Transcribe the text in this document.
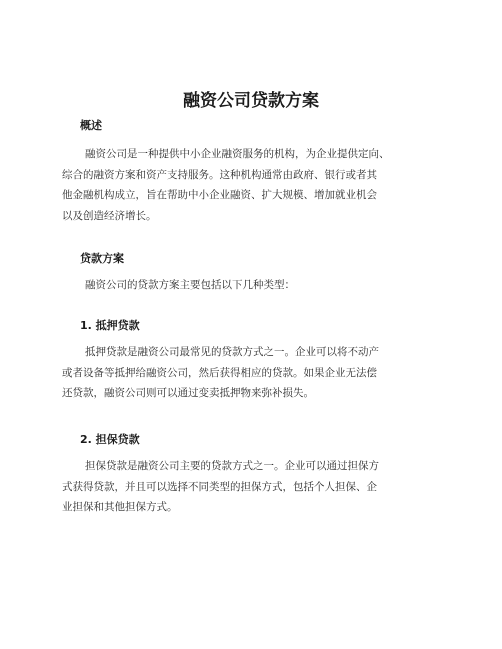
融资公司贷款方案
概述

融资公司是一种提供中小企业融资服务的机构，为企业提供定向、
综合的融资方案和资产支持服务。这种机构通常由政府、银行或者其
他金融机构成立，旨在帮助中小企业融资、扩大规模、增加就业机会
以及创造经济增长。

贷款方案

融资公司的贷款方案主要包括以下几种类型：

1. 抵押贷款

抵押贷款是融资公司最常见的贷款方式之一。企业可以将不动产
或者设备等抵押给融资公司，然后获得相应的贷款。如果企业无法偿
还贷款，融资公司则可以通过变卖抵押物来弥补损失。

2. 担保贷款

担保贷款是融资公司主要的贷款方式之一。企业可以通过担保方
式获得贷款，并且可以选择不同类型的担保方式，包括个人担保、企
业担保和其他担保方式。
